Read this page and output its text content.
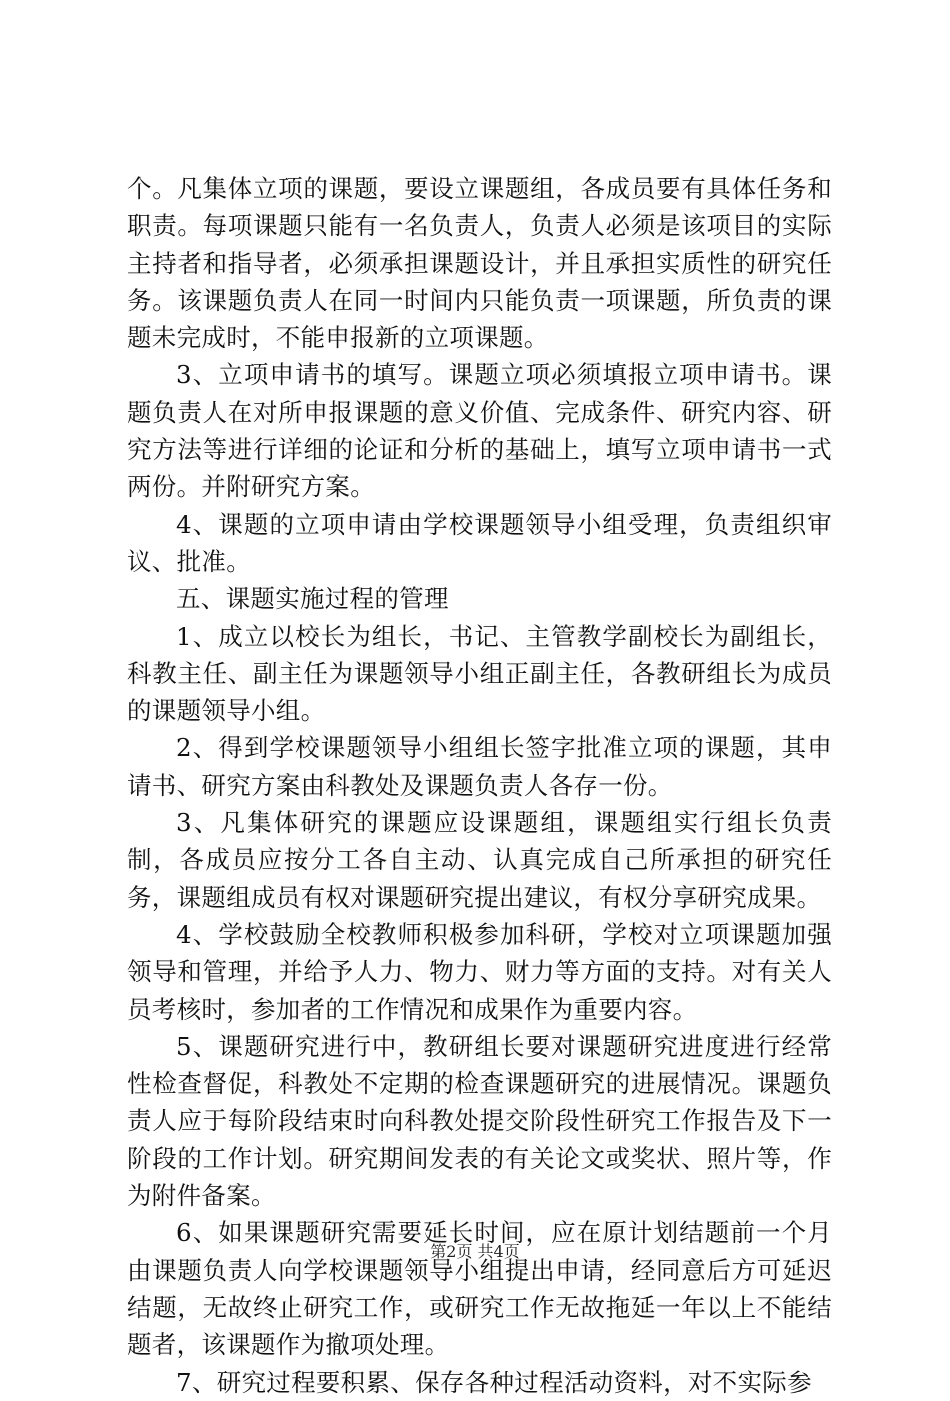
个。凡集体立项的课题，要设立课题组，各成员要有具体任务和职责。每项课题只能有一名负责人，负责人必须是该项目的实际主持者和指导者，必须承担课题设计，并且承担实质性的研究任务。该课题负责人在同一时间内只能负责一项课题，所负责的课题未完成时，不能申报新的立项课题。

3、立项申请书的填写。课题立项必须填报立项申请书。课题负责人在对所申报课题的意义价值、完成条件、研究内容、研究方法等进行详细的论证和分析的基础上，填写立项申请书一式两份。并附研究方案。

4、课题的立项申请由学校课题领导小组受理，负责组织审议、批准。

五、课题实施过程的管理

1、成立以校长为组长，书记、主管教学副校长为副组长，科教主任、副主任为课题领导小组正副主任，各教研组长为成员的课题领导小组。

2、得到学校课题领导小组组长签字批准立项的课题，其申请书、研究方案由科教处及课题负责人各存一份。

3、凡集体研究的课题应设课题组，课题组实行组长负责制，各成员应按分工各自主动、认真完成自己所承担的研究任务，课题组成员有权对课题研究提出建议，有权分享研究成果。

4、学校鼓励全校教师积极参加科研，学校对立项课题加强领导和管理，并给予人力、物力、财力等方面的支持。对有关人员考核时，参加者的工作情况和成果作为重要内容。

5、课题研究进行中，教研组长要对课题研究进度进行经常性检查督促，科教处不定期的检查课题研究的进展情况。课题负责人应于每阶段结束时向科教处提交阶段性研究工作报告及下一阶段的工作计划。研究期间发表的有关论文或奖状、照片等，作为附件备案。

6、如果课题研究需要延长时间，应在原计划结题前一个月由课题负责人向学校课题领导小组提出申请，经同意后方可延迟结题，无故终止研究工作，或研究工作无故拖延一年以上不能结题者，该课题作为撤项处理。

7、研究过程要积累、保存各种过程活动资料，对不实际参

第2页 共4页
